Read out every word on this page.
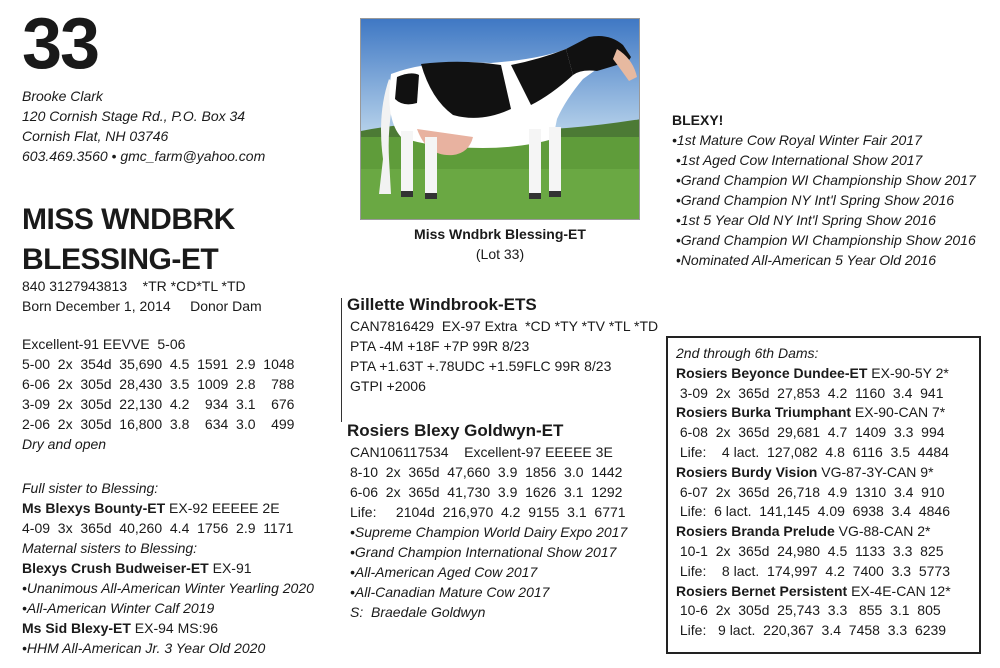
33
Brooke Clark
120 Cornish Stage Rd., P.O. Box 34
Cornish Flat, NH 03746
603.469.3560 • gmc_farm@yahoo.com
MISS WNDBRK
BLESSING-ET
840 3127943813    *TR *CD*TL *TD
Born December 1, 2014     Donor Dam
Excellent-91 EEVVE  5-06
5-00  2x  354d  35,690  4.5  1591  2.9  1048
6-06  2x  305d  28,430  3.5  1009  2.8    788
3-09  2x  305d  22,130  4.2    934  3.1    676
2-06  2x  305d  16,800  3.8    634  3.0    499
Dry and open
Full sister to Blessing:
Ms Blexys Bounty-ET EX-92 EEEEE 2E
4-09  3x  365d  40,260  4.4  1756  2.9  1171
Maternal sisters to Blessing:
Blexys Crush Budweiser-ET EX-91
•Unanimous All-American Winter Yearling 2020
•All-American Winter Calf 2019
Ms Sid Blexy-ET EX-94 MS:96
•HHM All-American Jr. 3 Year Old 2020
Miss Wndbrk Blessing-ET
(Lot 33)
Gillette Windbrook-ETS
CAN7816429  EX-97 Extra  *CD *TY *TV *TL *TD
PTA -4M +18F +7P 99R 8/23
PTA +1.63T +.78UDC +1.59FLC 99R 8/23
GTPI +2006
Rosiers Blexy Goldwyn-ET
CAN106117534    Excellent-97 EEEEE 3E
8-10  2x  365d  47,660  3.9  1856  3.0  1442
6-06  2x  365d  41,730  3.9  1626  3.1  1292
Life:     2104d  216,970  4.2  9155  3.1  6771
•Supreme Champion World Dairy Expo 2017
•Grand Champion International Show 2017
•All-American Aged Cow 2017
•All-Canadian Mature Cow 2017
S:  Braedale Goldwyn
BLEXY!
•1st Mature Cow Royal Winter Fair 2017
•1st Aged Cow International Show 2017
•Grand Champion WI Championship Show 2017
•Grand Champion NY Int'l Spring Show 2016
•1st 5 Year Old NY Int'l Spring Show 2016
•Grand Champion WI Championship Show 2016
•Nominated All-American 5 Year Old 2016
2nd through 6th Dams:
Rosiers Beyonce Dundee-ET EX-90-5Y 2*
3-09  2x  365d  27,853  4.2  1160  3.4  941
Rosiers Burka Triumphant EX-90-CAN 7*
6-08  2x  365d  29,681  4.7  1409  3.3  994
Life:    4 lact.  127,082  4.8  6116  3.5  4484
Rosiers Burdy Vision VG-87-3Y-CAN 9*
6-07  2x  365d  26,718  4.9  1310  3.4  910
Life:  6 lact.  141,145  4.09  6938  3.4  4846
Rosiers Branda Prelude VG-88-CAN 2*
10-1  2x  365d  24,980  4.5  1133  3.3  825
Life:    8 lact.  174,997  4.2  7400  3.3  5773
Rosiers Bernet Persistent EX-4E-CAN 12*
10-6  2x  305d  25,743  3.3   855  3.1  805
Life:   9 lact.  220,367  3.4  7458  3.3  6239
